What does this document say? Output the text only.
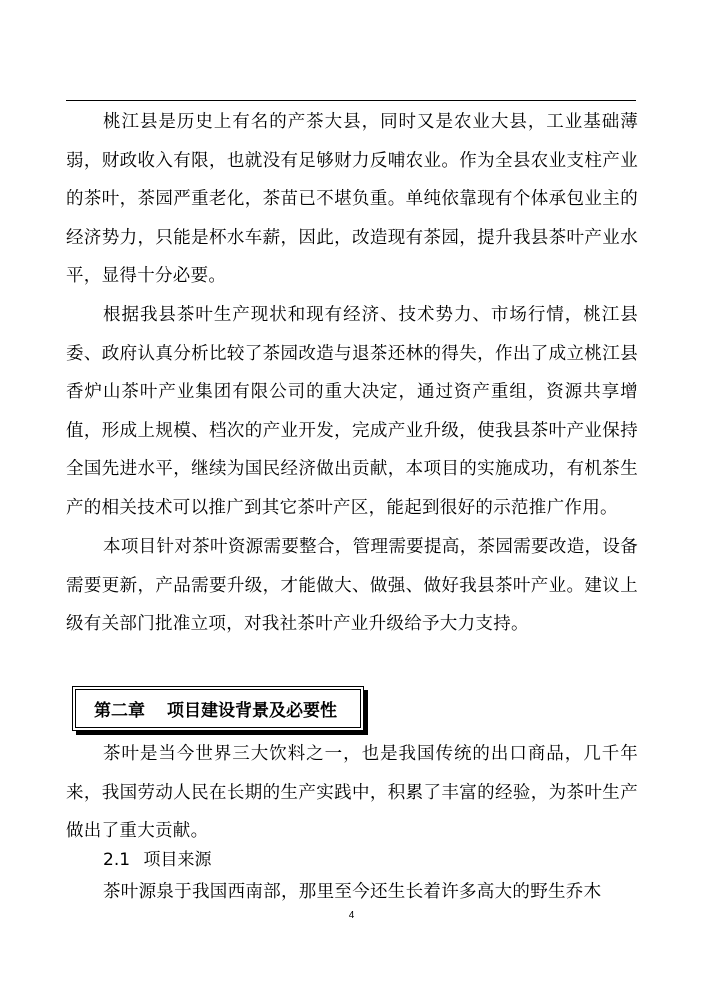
桃江县是历史上有名的产茶大县，同时又是农业大县，工业基础薄弱，财政收入有限，也就没有足够财力反哺农业。作为全县农业支柱产业的茶叶，茶园严重老化，茶苗已不堪负重。单纯依靠现有个体承包业主的经济势力，只能是杯水车薪，因此，改造现有茶园，提升我县茶叶产业水平，显得十分必要。

根据我县茶叶生产现状和现有经济、技术势力、市场行情，桃江县委、政府认真分析比较了茶园改造与退茶还林的得失，作出了成立桃江县香炉山茶叶产业集团有限公司的重大决定，通过资产重组，资源共享增值，形成上规模、档次的产业开发，完成产业升级，使我县茶叶产业保持全国先进水平，继续为国民经济做出贡献，本项目的实施成功，有机茶生产的相关技术可以推广到其它茶叶产区，能起到很好的示范推广作用。

本项目针对茶叶资源需要整合，管理需要提高，茶园需要改造，设备需要更新，产品需要升级，才能做大、做强、做好我县茶叶产业。建议上级有关部门批准立项，对我社茶叶产业升级给予大力支持。

第二章 项目建设背景及必要性

茶叶是当今世界三大饮料之一，也是我国传统的出口商品，几千年来，我国劳动人民在长期的生产实践中，积累了丰富的经验，为茶叶生产做出了重大贡献。

2.1 项目来源

茶叶源泉于我国西南部，那里至今还生长着许多高大的野生乔木

4
